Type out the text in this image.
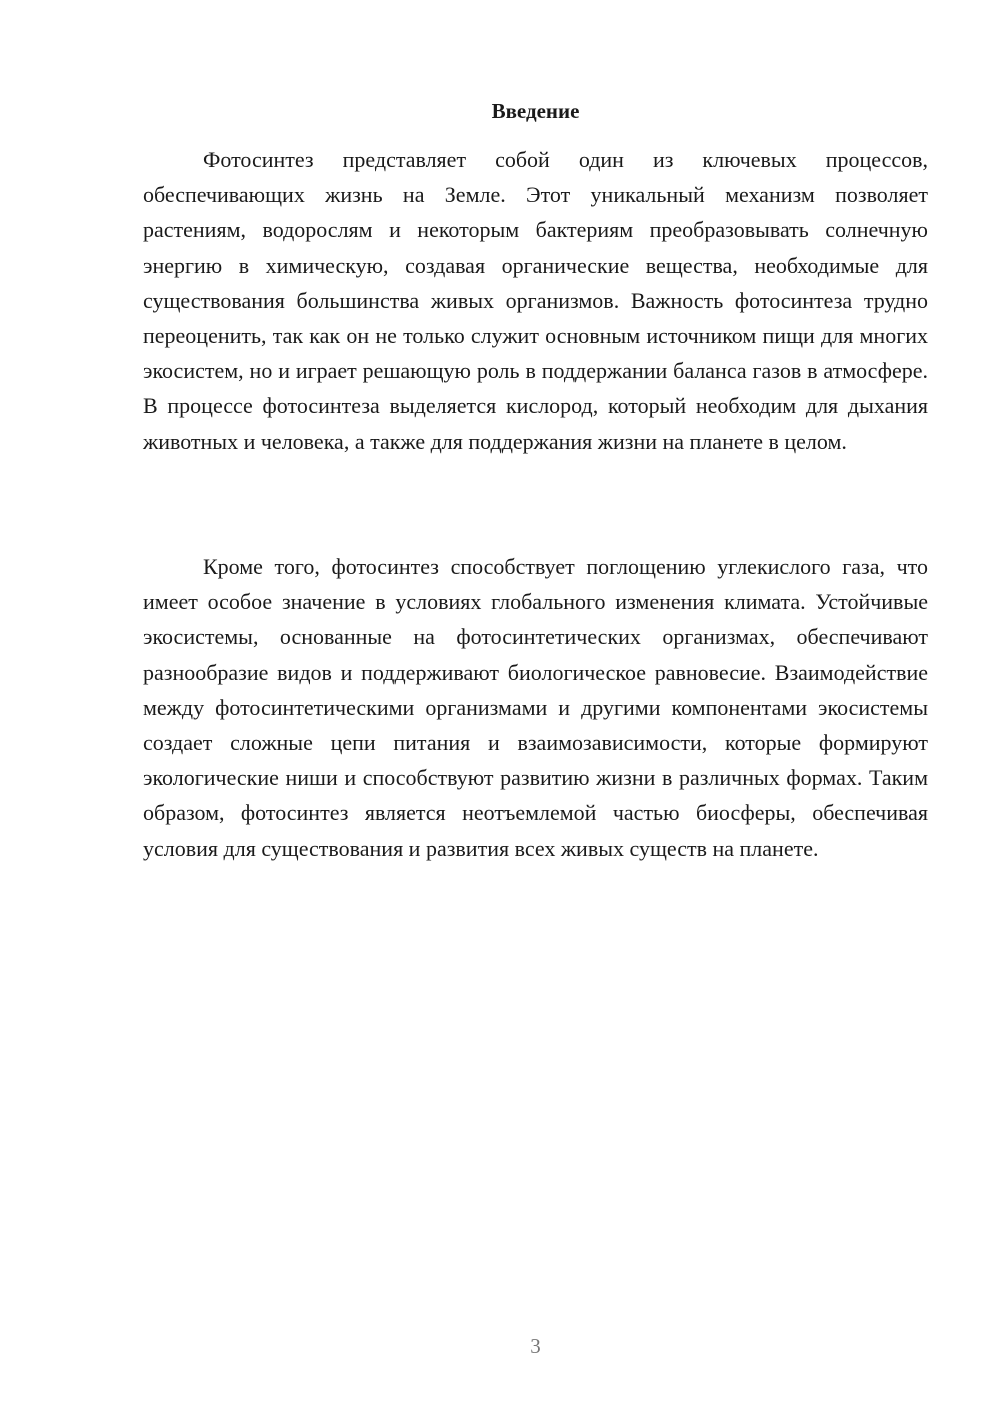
Введение

Фотосинтез представляет собой один из ключевых процессов, обеспечивающих жизнь на Земле. Этот уникальный механизм позволяет растениям, водорослям и некоторым бактериям преобразовывать солнечную энергию в химическую, создавая органические вещества, необходимые для существования большинства живых организмов. Важность фотосинтеза трудно переоценить, так как он не только служит основным источником пищи для многих экосистем, но и играет решающую роль в поддержании баланса газов в атмосфере. В процессе фотосинтеза выделяется кислород, который необходим для дыхания животных и человека, а также для поддержания жизни на планете в целом.

Кроме того, фотосинтез способствует поглощению углекислого газа, что имеет особое значение в условиях глобального изменения климата. Устойчивые экосистемы, основанные на фотосинтетических организмах, обеспечивают разнообразие видов и поддерживают биологическое равновесие. Взаимодействие между фотосинтетическими организмами и другими компонентами экосистемы создает сложные цепи питания и взаимозависимости, которые формируют экологические ниши и способствуют развитию жизни в различных формах. Таким образом, фотосинтез является неотъемлемой частью биосферы, обеспечивая условия для существования и развития всех живых существ на планете.

3
